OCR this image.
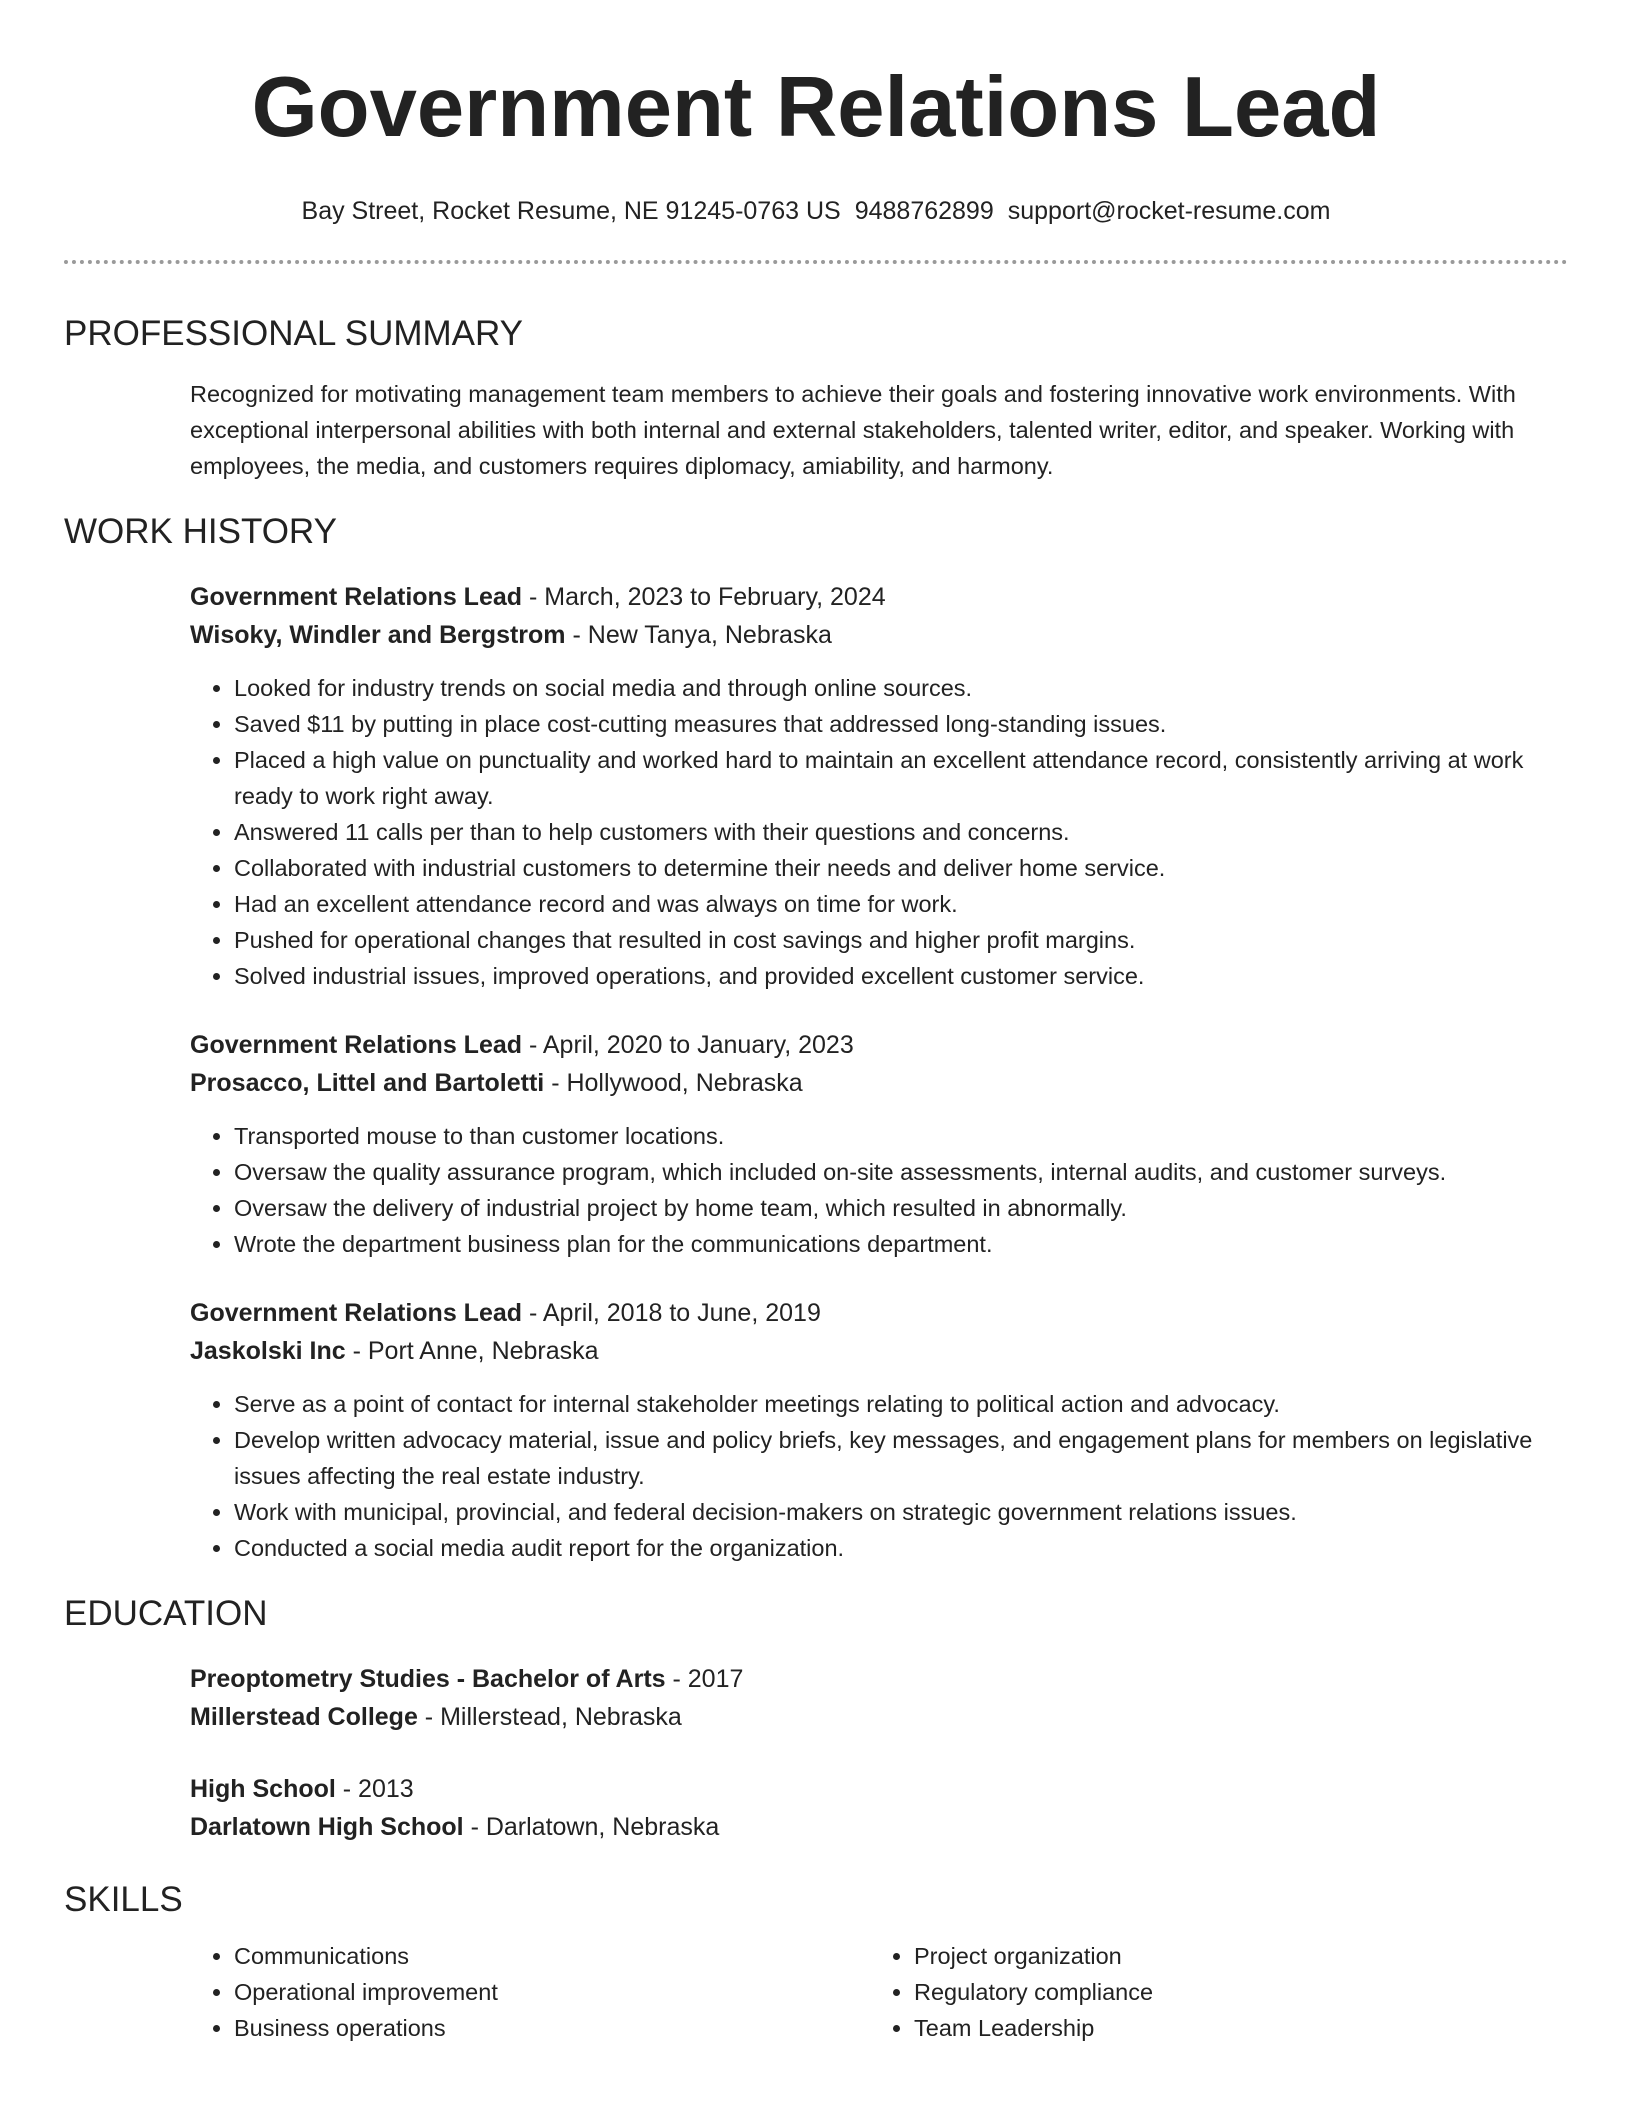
Government Relations Lead
Bay Street, Rocket Resume, NE 91245-0763 US 9488762899 support@rocket-resume.com
PROFESSIONAL SUMMARY

Recognized for motivating management team members to achieve their goals and fostering innovative work environments. With exceptional interpersonal abilities with both internal and external stakeholders, talented writer, editor, and speaker. Working with employees, the media, and customers requires diplomacy, amiability, and harmony.

WORK HISTORY
Government Relations Lead - March, 2023 to February, 2024
Wisoky, Windler and Bergstrom - New Tanya, Nebraska
• Looked for industry trends on social media and through online sources.
• Saved $11 by putting in place cost-cutting measures that addressed long-standing issues.
• Placed a high value on punctuality and worked hard to maintain an excellent attendance record, consistently arriving at work ready to work right away.
• Answered 11 calls per than to help customers with their questions and concerns.
• Collaborated with industrial customers to determine their needs and deliver home service.
• Had an excellent attendance record and was always on time for work.
• Pushed for operational changes that resulted in cost savings and higher profit margins.
• Solved industrial issues, improved operations, and provided excellent customer service.
Government Relations Lead - April, 2020 to January, 2023
Prosacco, Littel and Bartoletti - Hollywood, Nebraska
• Transported mouse to than customer locations.
• Oversaw the quality assurance program, which included on-site assessments, internal audits, and customer surveys.
• Oversaw the delivery of industrial project by home team, which resulted in abnormally.
• Wrote the department business plan for the communications department.
Government Relations Lead - April, 2018 to June, 2019
Jaskolski Inc - Port Anne, Nebraska
• Serve as a point of contact for internal stakeholder meetings relating to political action and advocacy.
• Develop written advocacy material, issue and policy briefs, key messages, and engagement plans for members on legislative issues affecting the real estate industry.
• Work with municipal, provincial, and federal decision-makers on strategic government relations issues.
• Conducted a social media audit report for the organization.
EDUCATION
Preoptometry Studies - Bachelor of Arts - 2017
Millerstead College - Millerstead, Nebraska
High School - 2013
Darlatown High School - Darlatown, Nebraska
SKILLS
• Communications
• Operational improvement
• Business operations
• Project organization
• Regulatory compliance
• Team Leadership
